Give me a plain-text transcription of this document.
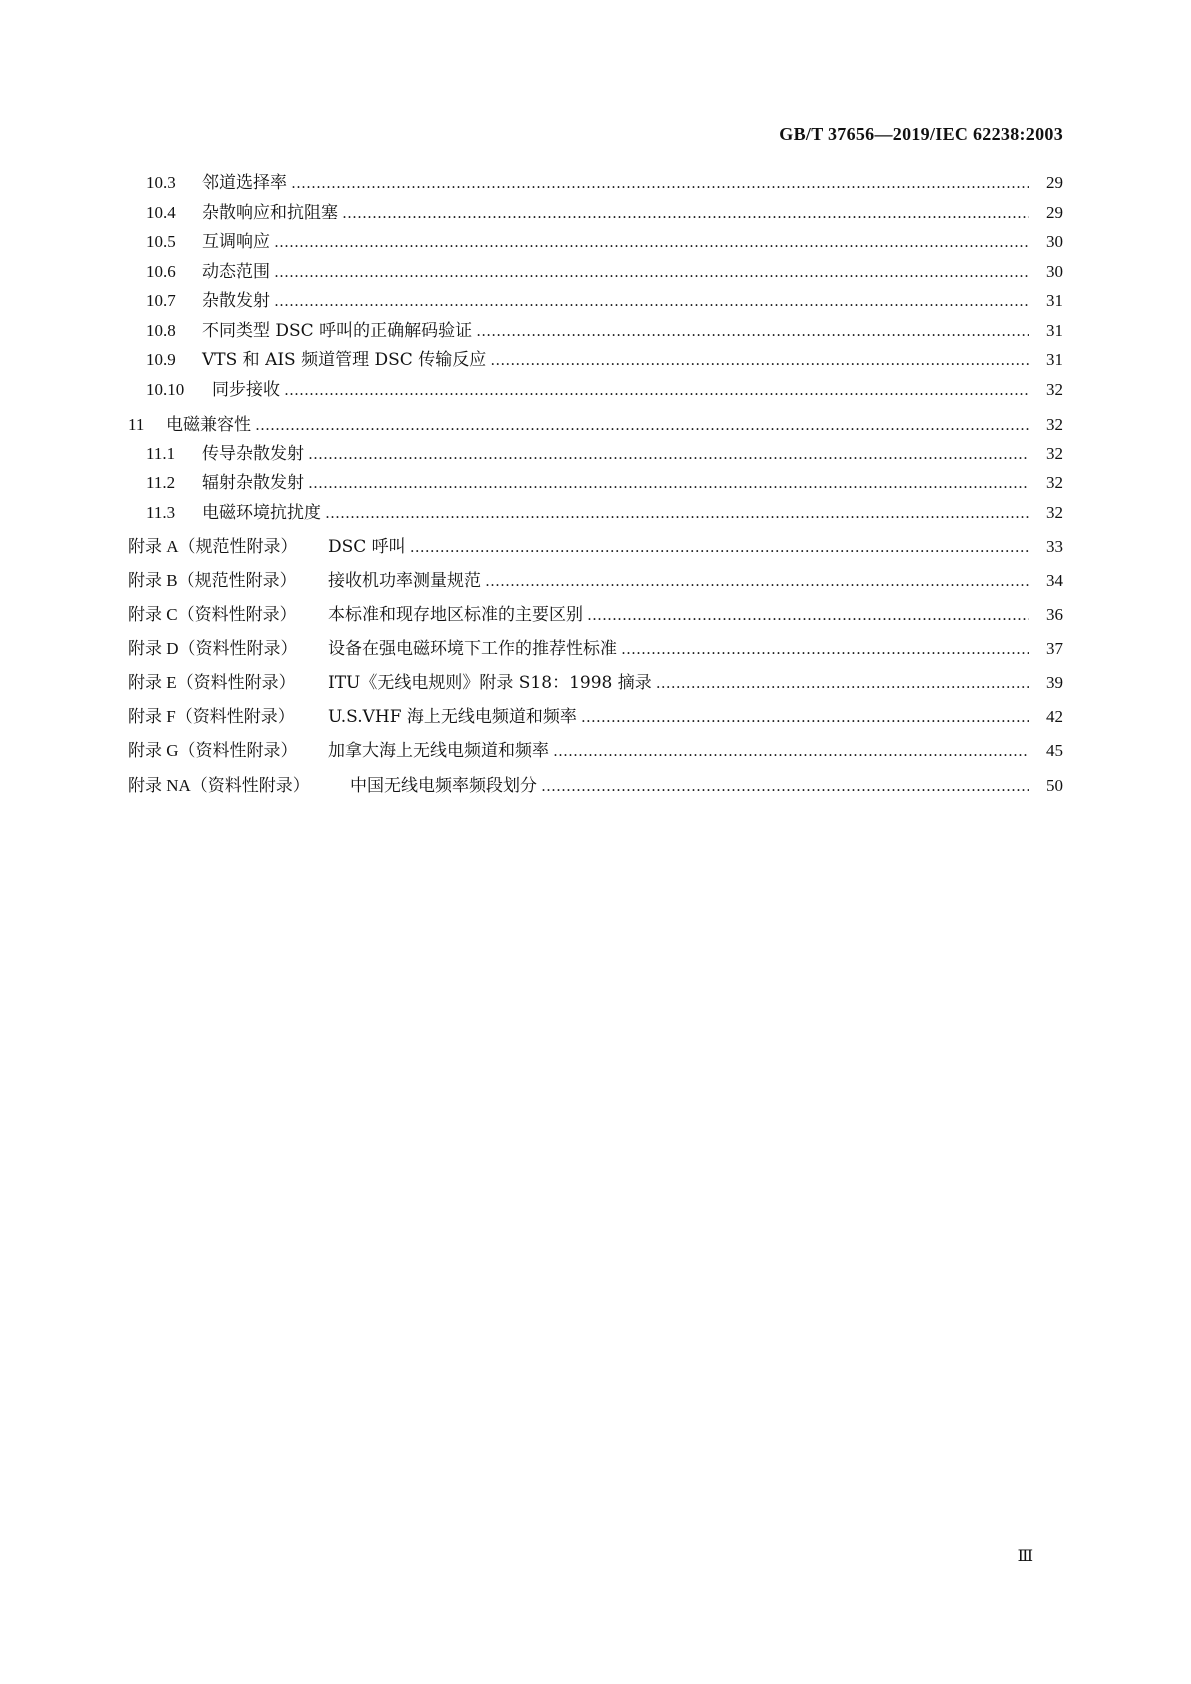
GB/T 37656—2019/IEC 62238:2003
10.3	邻道选择率 ……………………………………………………………………………………………………………………………………………………………………………………………………………………………………………………	29
10.4	杂散响应和抗阻塞 ……………………………………………………………………………………………………………………………………………………………………………………………………………………………………………………	29
10.5	互调响应 ……………………………………………………………………………………………………………………………………………………………………………………………………………………………………………………	30
10.6	动态范围 ……………………………………………………………………………………………………………………………………………………………………………………………………………………………………………………	30
10.7	杂散发射 ……………………………………………………………………………………………………………………………………………………………………………………………………………………………………………………	31
10.8	不同类型 DSC 呼叫的正确解码验证 ……………………………………………………………………………………………………………………………………………………………………………………………………………………………………………………	31
10.9	VTS 和 AIS 频道管理 DSC 传输反应 ……………………………………………………………………………………………………………………………………………………………………………………………………………………………………………………	31
10.10	同步接收 ……………………………………………………………………………………………………………………………………………………………………………………………………………………………………………………	32
11	电磁兼容性 ……………………………………………………………………………………………………………………………………………………………………………………………………………………………………………………	32
11.1	传导杂散发射 ……………………………………………………………………………………………………………………………………………………………………………………………………………………………………………………	32
11.2	辐射杂散发射 ……………………………………………………………………………………………………………………………………………………………………………………………………………………………………………………	32
11.3	电磁环境抗扰度 ……………………………………………………………………………………………………………………………………………………………………………………………………………………………………………………	32
附录 A（规范性附录）	DSC 呼叫 ……………………………………………………………………………………………………………………………………………………………………………………………………………………………………………………	33
附录 B（规范性附录）	接收机功率测量规范 ……………………………………………………………………………………………………………………………………………………………………………………………………………………………………………………	34
附录 C（资料性附录）	本标准和现存地区标准的主要区别 ……………………………………………………………………………………………………………………………………………………………………………………………………………………………………………………	36
附录 D（资料性附录）	设备在强电磁环境下工作的推荐性标准 ……………………………………………………………………………………………………………………………………………………………………………………………………………………………………………………	37
附录 E（资料性附录）	ITU《无线电规则》附录 S18：1998 摘录 ……………………………………………………………………………………………………………………………………………………………………………………………………………………………………………………	39
附录 F（资料性附录）	U.S.VHF 海上无线电频道和频率 ……………………………………………………………………………………………………………………………………………………………………………………………………………………………………………………	42
附录 G（资料性附录）	加拿大海上无线电频道和频率 ……………………………………………………………………………………………………………………………………………………………………………………………………………………………………………………	45
附录 NA（资料性附录）	中国无线电频率频段划分 ……………………………………………………………………………………………………………………………………………………………………………………………………………………………………………………	50
Ⅲ
